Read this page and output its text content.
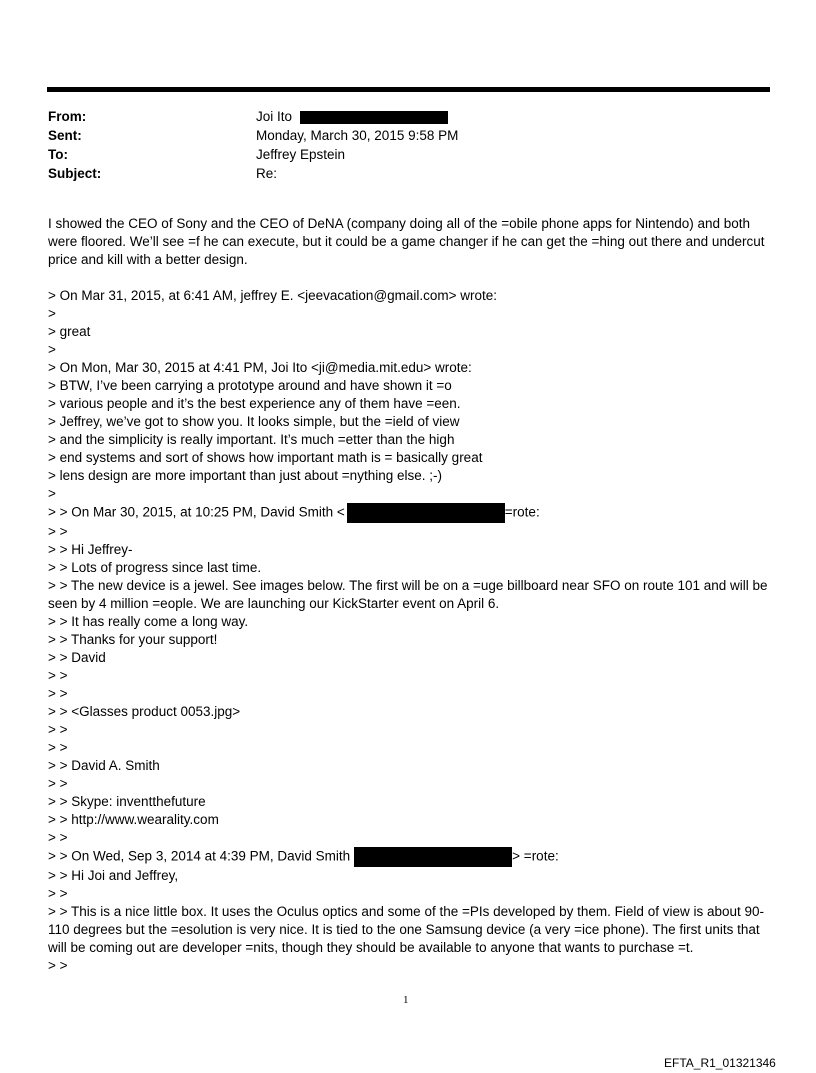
From:	Joi Ito
Sent:	Monday, March 30, 2015 9:58 PM
To:	Jeffrey Epstein
Subject:	Re:
I showed the CEO of Sony and the CEO of DeNA (company doing all of the =obile phone apps for Nintendo) and both were floored. We’ll see =f he can execute, but it could be a game changer if he can get the =hing out there and undercut price and kill with a better design.
> On Mar 31, 2015, at 6:41 AM, jeffrey E. <jeevacation@gmail.com> wrote:
>
> great
>
> On Mon, Mar 30, 2015 at 4:41 PM, Joi Ito <ji@media.mit.edu> wrote:
> BTW, I’ve been carrying a prototype around and have shown it =o
> various people and it’s the best experience any of them have =een.
> Jeffrey, we’ve got to show you. It looks simple, but the =ield of view
> and the simplicity is really important. It’s much =etter than the high
> end systems and sort of shows how important math is = basically great
> lens design are more important than just about =nything else. ;-)
>
> > On Mar 30, 2015, at 10:25 PM, David Smith <	=rote:
> >
> > Hi Jeffrey-
> > Lots of progress since last time.
> > The new device is a jewel. See images below. The first will be on a =uge billboard near SFO on route 101 and will be seen by 4 million =eople. We are launching our KickStarter event on April 6.
> > It has really come a long way.
> > Thanks for your support!
> > David
> >
> >
> > <Glasses product 0053.jpg>
> >
> >
> > David A. Smith
> >
> > Skype: inventthefuture
> > http://www.wearality.com
> >
> > On Wed, Sep 3, 2014 at 4:39 PM, David Smith	> =rote:
> > Hi Joi and Jeffrey,
> >
> > This is a nice little box. It uses the Oculus optics and some of the =PIs developed by them. Field of view is about 90-110 degrees but the =esolution is very nice. It is tied to the one Samsung device (a very =ice phone). The first units that will be coming out are developer =nits, though they should be available to anyone that wants to purchase =t.
> >
1
EFTA_R1_01321346
